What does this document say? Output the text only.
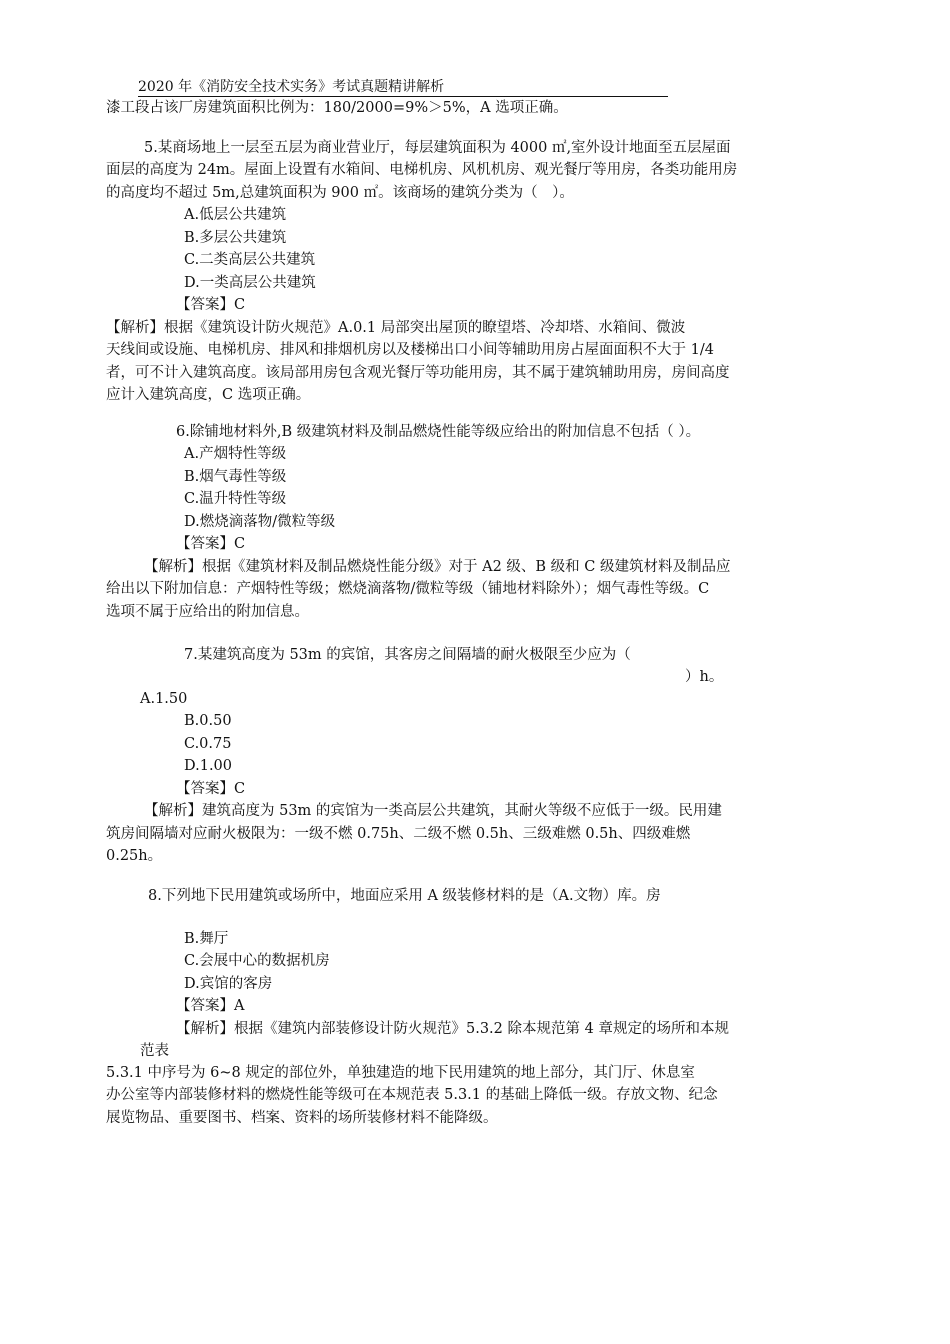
2020 年《消防安全技术实务》考试真题精讲解析
漆工段占该厂房建筑面积比例为：180/2000=9%＞5%，A 选项正确。
5.某商场地上一层至五层为商业营业厅，每层建筑面积为 4000 ㎡,室外设计地面至五层屋面
面层的高度为 24m。屋面上设置有水箱间、电梯机房、风机机房、观光餐厅等用房，各类功能用房
的高度均不超过 5m,总建筑面积为 900 ㎡。该商场的建筑分类为（　）。
A.低层公共建筑
B.多层公共建筑
C.二类高层公共建筑
D.一类高层公共建筑
【答案】C
【解析】根据《建筑设计防火规范》A.0.1 局部突出屋顶的瞭望塔、冷却塔、水箱间、微波
天线间或设施、电梯机房、排风和排烟机房以及楼梯出口小间等辅助用房占屋面面积不大于 1/4
者，可不计入建筑高度。该局部用房包含观光餐厅等功能用房，其不属于建筑辅助用房，房间高度
应计入建筑高度，C 选项正确。
6.除铺地材料外,B 级建筑材料及制品燃烧性能等级应给出的附加信息不包括（ ）。
A.产烟特性等级
B.烟气毒性等级
C.温升特性等级
D.燃烧滴落物/微粒等级
【答案】C
【解析】根据《建筑材料及制品燃烧性能分级》对于 A2 级、B 级和 C 级建筑材料及制品应
给出以下附加信息：产烟特性等级；燃烧滴落物/微粒等级（铺地材料除外）；烟气毒性等级。C
选项不属于应给出的附加信息。
7.某建筑高度为 53m 的宾馆，其客房之间隔墙的耐火极限至少应为（
）h。
A.1.50
B.0.50
C.0.75
D.1.00
【答案】C
【解析】建筑高度为 53m 的宾馆为一类高层公共建筑，其耐火等级不应低于一级。民用建
筑房间隔墙对应耐火极限为：一级不燃 0.75h、二级不燃 0.5h、三级难燃 0.5h、四级难燃
0.25h。
8.下列地下民用建筑或场所中，地面应采用 A 级装修材料的是（A.文物）库。房
B.舞厅
C.会展中心的数据机房
D.宾馆的客房
【答案】A
【解析】根据《建筑内部装修设计防火规范》5.3.2 除本规范第 4 章规定的场所和本规
范表
5.3.1 中序号为 6~8 规定的部位外，单独建造的地下民用建筑的地上部分，其门厅、休息室
办公室等内部装修材料的燃烧性能等级可在本规范表 5.3.1 的基础上降低一级。存放文物、纪念
展览物品、重要图书、档案、资料的场所装修材料不能降级。
